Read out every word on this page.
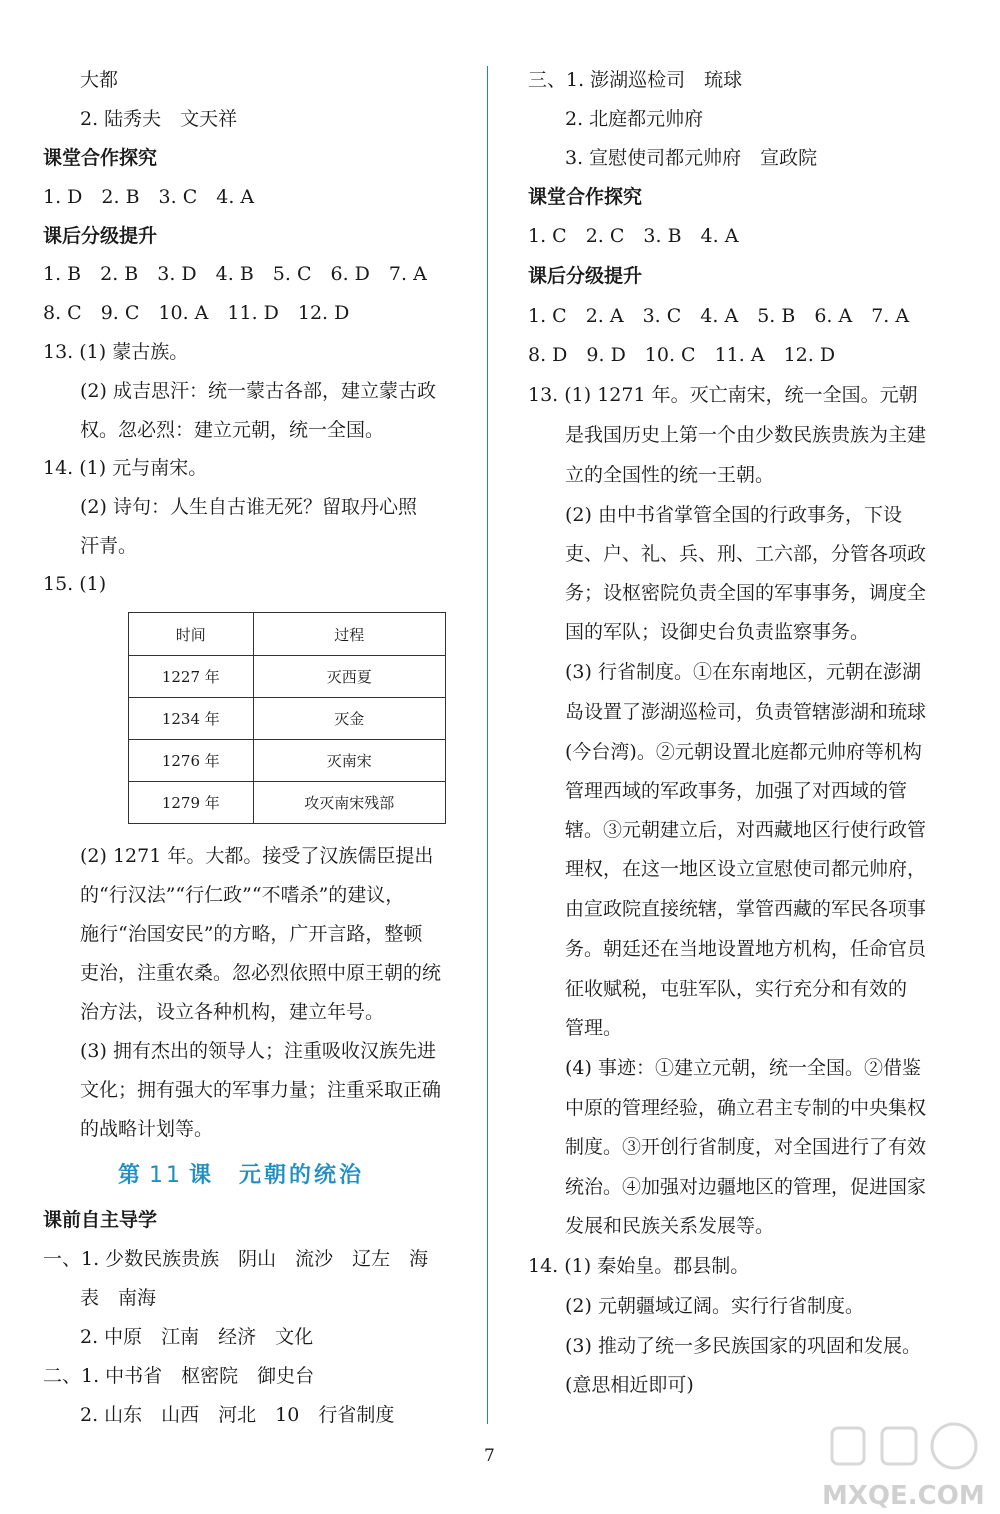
大都
2. 陆秀夫　文天祥
课堂合作探究
1. D　2. B　3. C　4. A
课后分级提升
1. B　2. B　3. D　4. B　5. C　6. D　7. A
8. C　9. C　10. A　11. D　12. D
13. (1) 蒙古族。
(2) 成吉思汗：统一蒙古各部，建立蒙古政
权。忽必烈：建立元朝，统一全国。
14. (1) 元与南宋。
(2) 诗句：人生自古谁无死？留取丹心照
汗青。
15. (1)
时间	过程
1227 年	灭西夏
1234 年	灭金
1276 年	灭南宋
1279 年	攻灭南宋残部
(2) 1271 年。大都。接受了汉族儒臣提出
的“行汉法”“行仁政”“不嗜杀”的建议，
施行“治国安民”的方略，广开言路，整顿
吏治，注重农桑。忽必烈依照中原王朝的统
治方法，设立各种机构，建立年号。
(3) 拥有杰出的领导人；注重吸收汉族先进
文化；拥有强大的军事力量；注重采取正确
的战略计划等。
第 11 课　元朝的统治
课前自主导学
一、1. 少数民族贵族　阴山　流沙　辽左　海
表　南海
2. 中原　江南　经济　文化
二、1. 中书省　枢密院　御史台
2. 山东　山西　河北　10　行省制度
三、1. 澎湖巡检司　琉球
2. 北庭都元帅府
3. 宣慰使司都元帅府　宣政院
课堂合作探究
1. C　2. C　3. B　4. A
课后分级提升
1. C　2. A　3. C　4. A　5. B　6. A　7. A
8. D　9. D　10. C　11. A　12. D
13. (1) 1271 年。灭亡南宋，统一全国。元朝
是我国历史上第一个由少数民族贵族为主建
立的全国性的统一王朝。
(2) 由中书省掌管全国的行政事务，下设
吏、户、礼、兵、刑、工六部，分管各项政
务；设枢密院负责全国的军事事务，调度全
国的军队；设御史台负责监察事务。
(3) 行省制度。①在东南地区，元朝在澎湖
岛设置了澎湖巡检司，负责管辖澎湖和琉球
(今台湾)。②元朝设置北庭都元帅府等机构
管理西域的军政事务，加强了对西域的管
辖。③元朝建立后，对西藏地区行使行政管
理权，在这一地区设立宣慰使司都元帅府，
由宣政院直接统辖，掌管西藏的军民各项事
务。朝廷还在当地设置地方机构，任命官员
征收赋税，屯驻军队，实行充分和有效的
管理。
(4) 事迹：①建立元朝，统一全国。②借鉴
中原的管理经验，确立君主专制的中央集权
制度。③开创行省制度，对全国进行了有效
统治。④加强对边疆地区的管理，促进国家
发展和民族关系发展等。
14. (1) 秦始皇。郡县制。
(2) 元朝疆域辽阔。实行行省制度。
(3) 推动了统一多民族国家的巩固和发展。
(意思相近即可)
7
MXQE.COM
